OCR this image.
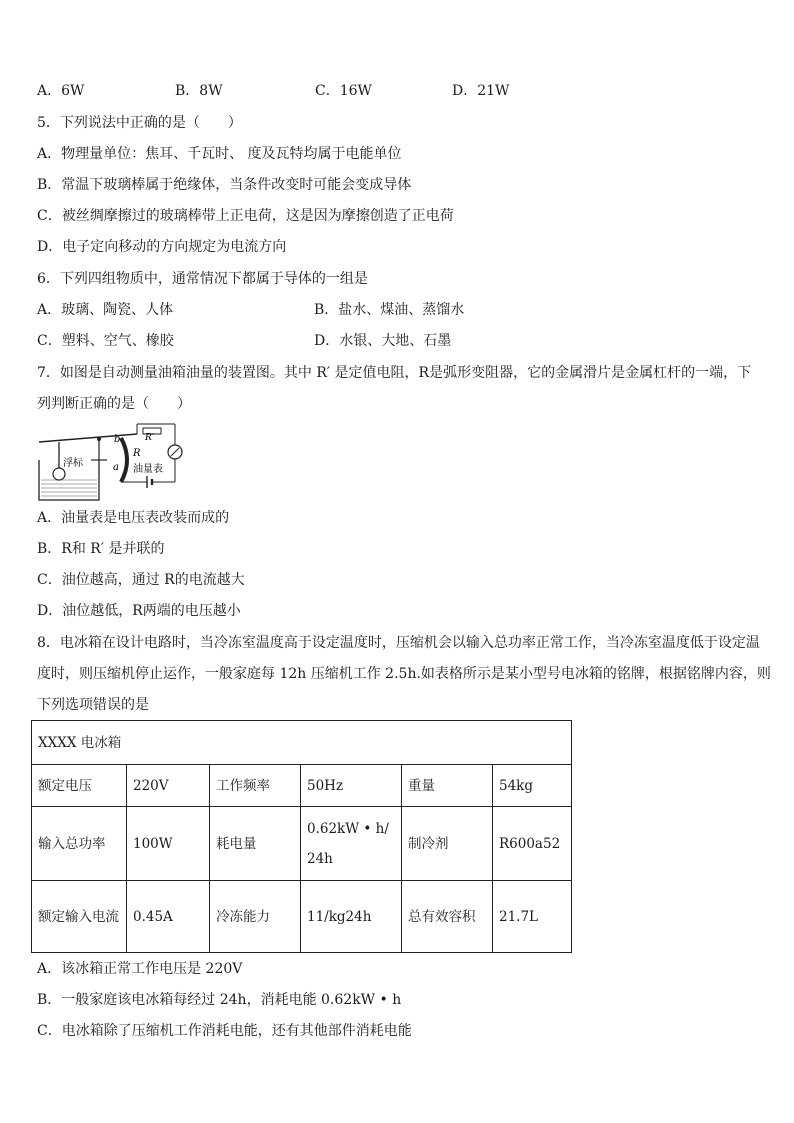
A．6W	B．8W	C．16W	D．21W
5．下列说法中正确的是（　　）
A．物理量单位：焦耳、千瓦时、 度及瓦特均属于电能单位
B．常温下玻璃棒属于绝缘体，当条件改变时可能会变成导体
C．被丝绸摩擦过的玻璃棒带上正电荷，这是因为摩擦创造了正电荷
D．电子定向移动的方向规定为电流方向
6．下列四组物质中，通常情况下都属于导体的一组是
A．玻璃、陶瓷、人体	B．盐水、煤油、蒸馏水
C．塑料、空气、橡胶	D．水银、大地、石墨
7．如图是自动测量油箱油量的装置图。其中 R′ 是定值电阻，R是弧形变阻器，它的金属滑片是金属杠杆的一端，下
列判断正确的是（　　）
浮标
b
a
R
R′
油量表
A．油量表是电压表改装而成的
B．R和 R′ 是并联的
C．油位越高，通过 R的电流越大
D．油位越低，R两端的电压越小
8．电冰箱在设计电路时，当冷冻室温度高于设定温度时，压缩机会以输入总功率正常工作，当冷冻室温度低于设定温
度时，则压缩机停止运作，一般家庭每 12h 压缩机工作 2.5h.如表格所示是某小型号电冰箱的铭牌，根据铭牌内容，则
下列选项错误的是
XXXX 电冰箱					
额定电压	220V	工作频率	50Hz	重量	54kg
输入总功率	100W	耗电量	0.62kW • h/24h	制冷剂	R600a52
额定输入电流	0.45A	冷冻能力	11/kg24h	总有效容积	21.7L
A．该冰箱正常工作电压是 220V
B．一般家庭该电冰箱每经过 24h，消耗电能 0.62kW • h
C．电冰箱除了压缩机工作消耗电能，还有其他部件消耗电能
